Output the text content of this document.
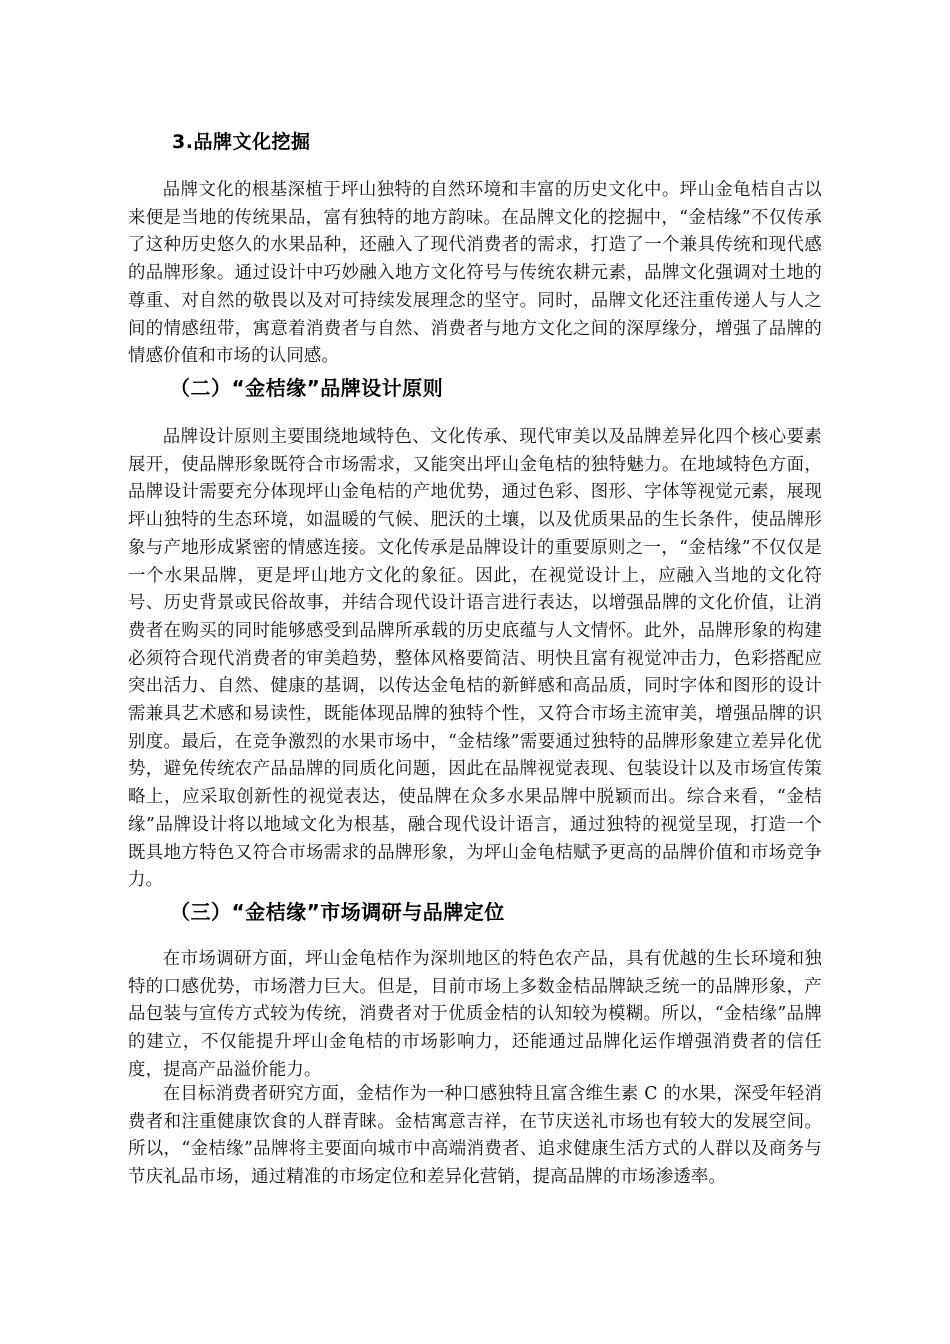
3.品牌文化挖掘

品牌文化的根基深植于坪山独特的自然环境和丰富的历史文化中。坪山金龟桔自古以来便是当地的传统果品，富有独特的地方韵味。在品牌文化的挖掘中，“金桔缘”不仅传承了这种历史悠久的水果品种，还融入了现代消费者的需求，打造了一个兼具传统和现代感的品牌形象。通过设计中巧妙融入地方文化符号与传统农耕元素，品牌文化强调对土地的尊重、对自然的敬畏以及对可持续发展理念的坚守。同时，品牌文化还注重传递人与人之间的情感纽带，寓意着消费者与自然、消费者与地方文化之间的深厚缘分，增强了品牌的情感价值和市场的认同感。

（二）“金桔缘”品牌设计原则

品牌设计原则主要围绕地域特色、文化传承、现代审美以及品牌差异化四个核心要素展开，使品牌形象既符合市场需求，又能突出坪山金龟桔的独特魅力。在地域特色方面，品牌设计需要充分体现坪山金龟桔的产地优势，通过色彩、图形、字体等视觉元素，展现坪山独特的生态环境，如温暖的气候、肥沃的土壤，以及优质果品的生长条件，使品牌形象与产地形成紧密的情感连接。文化传承是品牌设计的重要原则之一，“金桔缘”不仅仅是一个水果品牌，更是坪山地方文化的象征。因此，在视觉设计上，应融入当地的文化符号、历史背景或民俗故事，并结合现代设计语言进行表达，以增强品牌的文化价值，让消费者在购买的同时能够感受到品牌所承载的历史底蕴与人文情怀。此外，品牌形象的构建必须符合现代消费者的审美趋势，整体风格要简洁、明快且富有视觉冲击力，色彩搭配应突出活力、自然、健康的基调，以传达金龟桔的新鲜感和高品质，同时字体和图形的设计需兼具艺术感和易读性，既能体现品牌的独特个性，又符合市场主流审美，增强品牌的识别度。最后，在竞争激烈的水果市场中，“金桔缘”需要通过独特的品牌形象建立差异化优势，避免传统农产品品牌的同质化问题，因此在品牌视觉表现、包装设计以及市场宣传策略上，应采取创新性的视觉表达，使品牌在众多水果品牌中脱颖而出。综合来看，“金桔缘”品牌设计将以地域文化为根基，融合现代设计语言，通过独特的视觉呈现，打造一个既具地方特色又符合市场需求的品牌形象，为坪山金龟桔赋予更高的品牌价值和市场竞争力。

（三）“金桔缘”市场调研与品牌定位

在市场调研方面，坪山金龟桔作为深圳地区的特色农产品，具有优越的生长环境和独特的口感优势，市场潜力巨大。但是，目前市场上多数金桔品牌缺乏统一的品牌形象，产品包装与宣传方式较为传统，消费者对于优质金桔的认知较为模糊。所以，“金桔缘”品牌的建立，不仅能提升坪山金龟桔的市场影响力，还能通过品牌化运作增强消费者的信任度，提高产品溢价能力。

在目标消费者研究方面，金桔作为一种口感独特且富含维生素 C 的水果，深受年轻消费者和注重健康饮食的人群青睐。金桔寓意吉祥，在节庆送礼市场也有较大的发展空间。所以，“金桔缘”品牌将主要面向城市中高端消费者、追求健康生活方式的人群以及商务与节庆礼品市场，通过精准的市场定位和差异化营销，提高品牌的市场渗透率。
